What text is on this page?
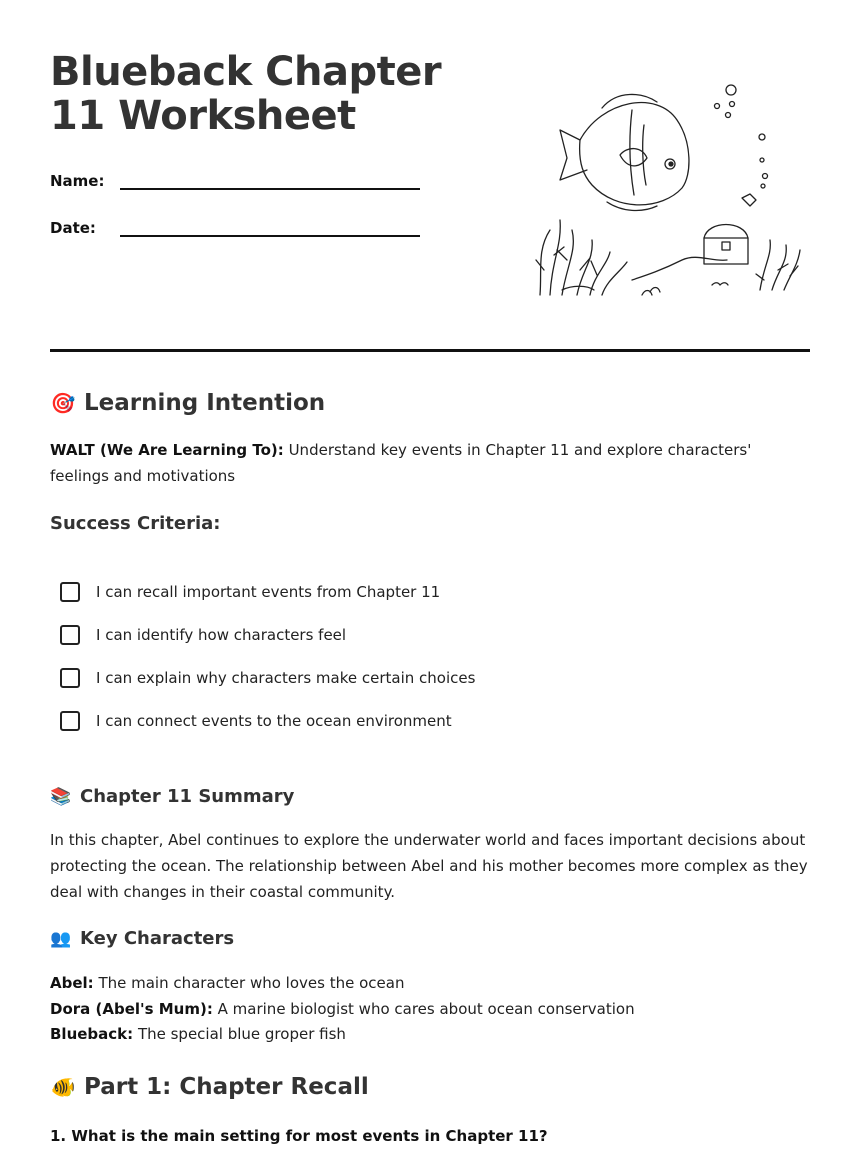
Blueback Chapter 11 Worksheet
Name:
Date:
🎯 Learning Intention

WALT (We Are Learning To): Understand key events in Chapter 11 and explore characters' feelings and motivations

Success Criteria:
I can recall important events from Chapter 11
I can identify how characters feel
I can explain why characters make certain choices
I can connect events to the ocean environment
📚 Chapter 11 Summary

In this chapter, Abel continues to explore the underwater world and faces important decisions about protecting the ocean. The relationship between Abel and his mother becomes more complex as they deal with changes in their coastal community.

👥 Key Characters
Abel: The main character who loves the ocean
Dora (Abel's Mum): A marine biologist who cares about ocean conservation
Blueback: The special blue groper fish
🐠 Part 1: Chapter Recall
1. What is the main setting for most events in Chapter 11?
